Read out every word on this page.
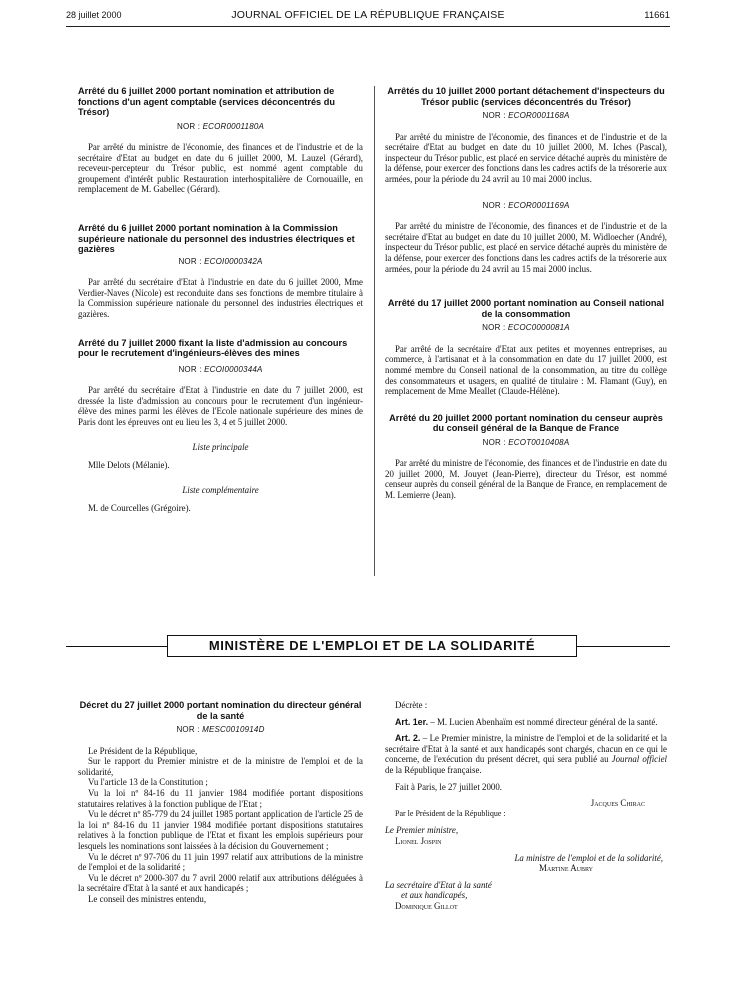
28 juillet 2000	JOURNAL OFFICIEL DE LA RÉPUBLIQUE FRANÇAISE	11661
Arrêté du 6 juillet 2000 portant nomination et attribution de fonctions d'un agent comptable (services déconcentrés du Trésor)
NOR : ECOR0001180A

Par arrêté du ministre de l'économie, des finances et de l'industrie et de la secrétaire d'Etat au budget en date du 6 juillet 2000, M. Lauzel (Gérard), receveur-percepteur du Trésor public, est nommé agent comptable du groupement d'intérêt public Restauration interhospitalière de Cornouaille, en remplacement de M. Gabellec (Gérard).

Arrêté du 6 juillet 2000 portant nomination à la Commission supérieure nationale du personnel des industries électriques et gazières
NOR : ECOI0000342A

Par arrêté du secrétaire d'Etat à l'industrie en date du 6 juillet 2000, Mme Verdier-Naves (Nicole) est reconduite dans ses fonctions de membre titulaire à la Commission supérieure nationale du personnel des industries électriques et gazières.

Arrêté du 7 juillet 2000 fixant la liste d'admission au concours pour le recrutement d'ingénieurs-élèves des mines
NOR : ECOI0000344A

Par arrêté du secrétaire d'Etat à l'industrie en date du 7 juillet 2000, est dressée la liste d'admission au concours pour le recrutement d'un ingénieur-élève des mines parmi les élèves de l'Ecole nationale supérieure des mines de Paris dont les épreuves ont eu lieu les 3, 4 et 5 juillet 2000.

Liste principale
Mlle Delots (Mélanie).
Liste complémentaire
M. de Courcelles (Grégoire).
Arrêtés du 10 juillet 2000 portant détachement d'inspecteurs du Trésor public (services déconcentrés du Trésor)
NOR : ECOR0001168A

Par arrêté du ministre de l'économie, des finances et de l'industrie et de la secrétaire d'Etat au budget en date du 10 juillet 2000, M. Iches (Pascal), inspecteur du Trésor public, est placé en service détaché auprès du ministère de la défense, pour exercer des fonctions dans les cadres actifs de la trésorerie aux armées, pour la période du 24 avril au 10 mai 2000 inclus.

NOR : ECOR0001169A

Par arrêté du ministre de l'économie, des finances et de l'industrie et de la secrétaire d'Etat au budget en date du 10 juillet 2000, M. Widloecher (André), inspecteur du Trésor public, est placé en service détaché auprès du ministère de la défense, pour exercer des fonctions dans les cadres actifs de la trésorerie aux armées, pour la période du 24 avril au 15 mai 2000 inclus.

Arrêté du 17 juillet 2000 portant nomination au Conseil national de la consommation
NOR : ECOC0000081A

Par arrêté de la secrétaire d'Etat aux petites et moyennes entreprises, au commerce, à l'artisanat et à la consommation en date du 17 juillet 2000, est nommé membre du Conseil national de la consommation, au titre du collège des consommateurs et usagers, en qualité de titulaire : M. Flamant (Guy), en remplacement de Mme Meallet (Claude-Hélène).

Arrêté du 20 juillet 2000 portant nomination du censeur auprès du conseil général de la Banque de France
NOR : ECOT0010408A

Par arrêté du ministre de l'économie, des finances et de l'industrie en date du 20 juillet 2000, M. Jouyet (Jean-Pierre), directeur du Trésor, est nommé censeur auprès du conseil général de la Banque de France, en remplacement de M. Lemierre (Jean).

MINISTÈRE DE L'EMPLOI ET DE LA SOLIDARITÉ
Décret du 27 juillet 2000 portant nomination du directeur général de la santé
NOR : MESC0010914D

Le Président de la République,

Sur le rapport du Premier ministre et de la ministre de l'emploi et de la solidarité,

Vu l'article 13 de la Constitution ;

Vu la loi nº 84-16 du 11 janvier 1984 modifiée portant dispositions statutaires relatives à la fonction publique de l'Etat ;

Vu le décret nº 85-779 du 24 juillet 1985 portant application de l'article 25 de la loi nº 84-16 du 11 janvier 1984 modifiée portant dispositions statutaires relatives à la fonction publique de l'Etat et fixant les emplois supérieurs pour lesquels les nominations sont laissées à la décision du Gouvernement ;

Vu le décret nº 97-706 du 11 juin 1997 relatif aux attributions de la ministre de l'emploi et de la solidarité ;

Vu le décret nº 2000-307 du 7 avril 2000 relatif aux attributions déléguées à la secrétaire d'Etat à la santé et aux handicapés ;

Le conseil des ministres entendu,

Décrète :

Art. 1er. – M. Lucien Abenhaïm est nommé directeur général de la santé.

Art. 2. – Le Premier ministre, la ministre de l'emploi et de la solidarité et la secrétaire d'Etat à la santé et aux handicapés sont chargés, chacun en ce qui le concerne, de l'exécution du présent décret, qui sera publié au Journal officiel de la République française.

Fait à Paris, le 27 juillet 2000.

Jacques Chirac
Par le Président de la République :
Le Premier ministre,
Lionel Jospin
La ministre de l'emploi et de la solidarité,
Martine Aubry
La secrétaire d'Etat à la santé
et aux handicapés,
Dominique Gillot
